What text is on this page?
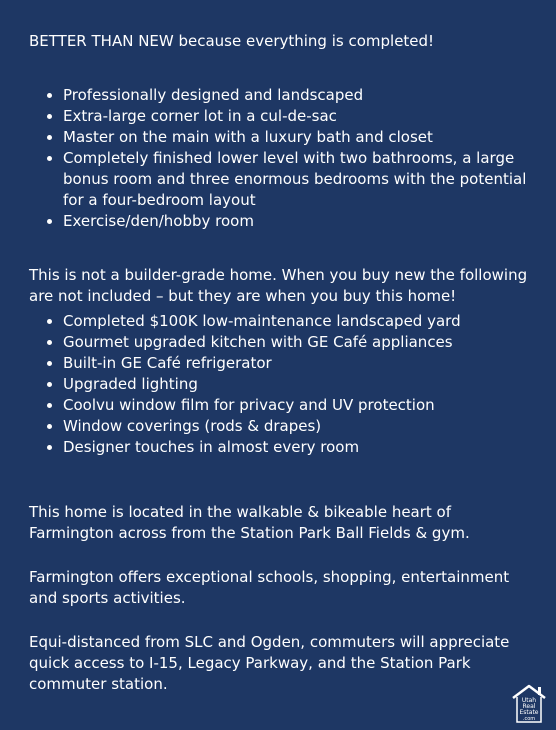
BETTER THAN NEW because everything is completed!

Professionally designed and landscaped
Extra-large corner lot in a cul-de-sac
Master on the main with a luxury bath and closet
Completely finished lower level with two bathrooms, a large bonus room and three enormous bedrooms with the potential for a four-bedroom layout
Exercise/den/hobby room

This is not a builder-grade home. When you buy new the following are not included – but they are when you buy this home!

Completed $100K low-maintenance landscaped yard
Gourmet upgraded kitchen with GE Café appliances
Built-in GE Café refrigerator
Upgraded lighting
Coolvu window film for privacy and UV protection
Window coverings (rods & drapes)
Designer touches in almost every room

This home is located in the walkable & bikeable heart of Farmington across from the Station Park Ball Fields & gym.

Farmington offers exceptional schools, shopping, entertainment and sports activities.

Equi-distanced from SLC and Ogden, commuters will appreciate quick access to I-15, Legacy Parkway, and the Station Park commuter station.

Utah
Real
Estate
.com
